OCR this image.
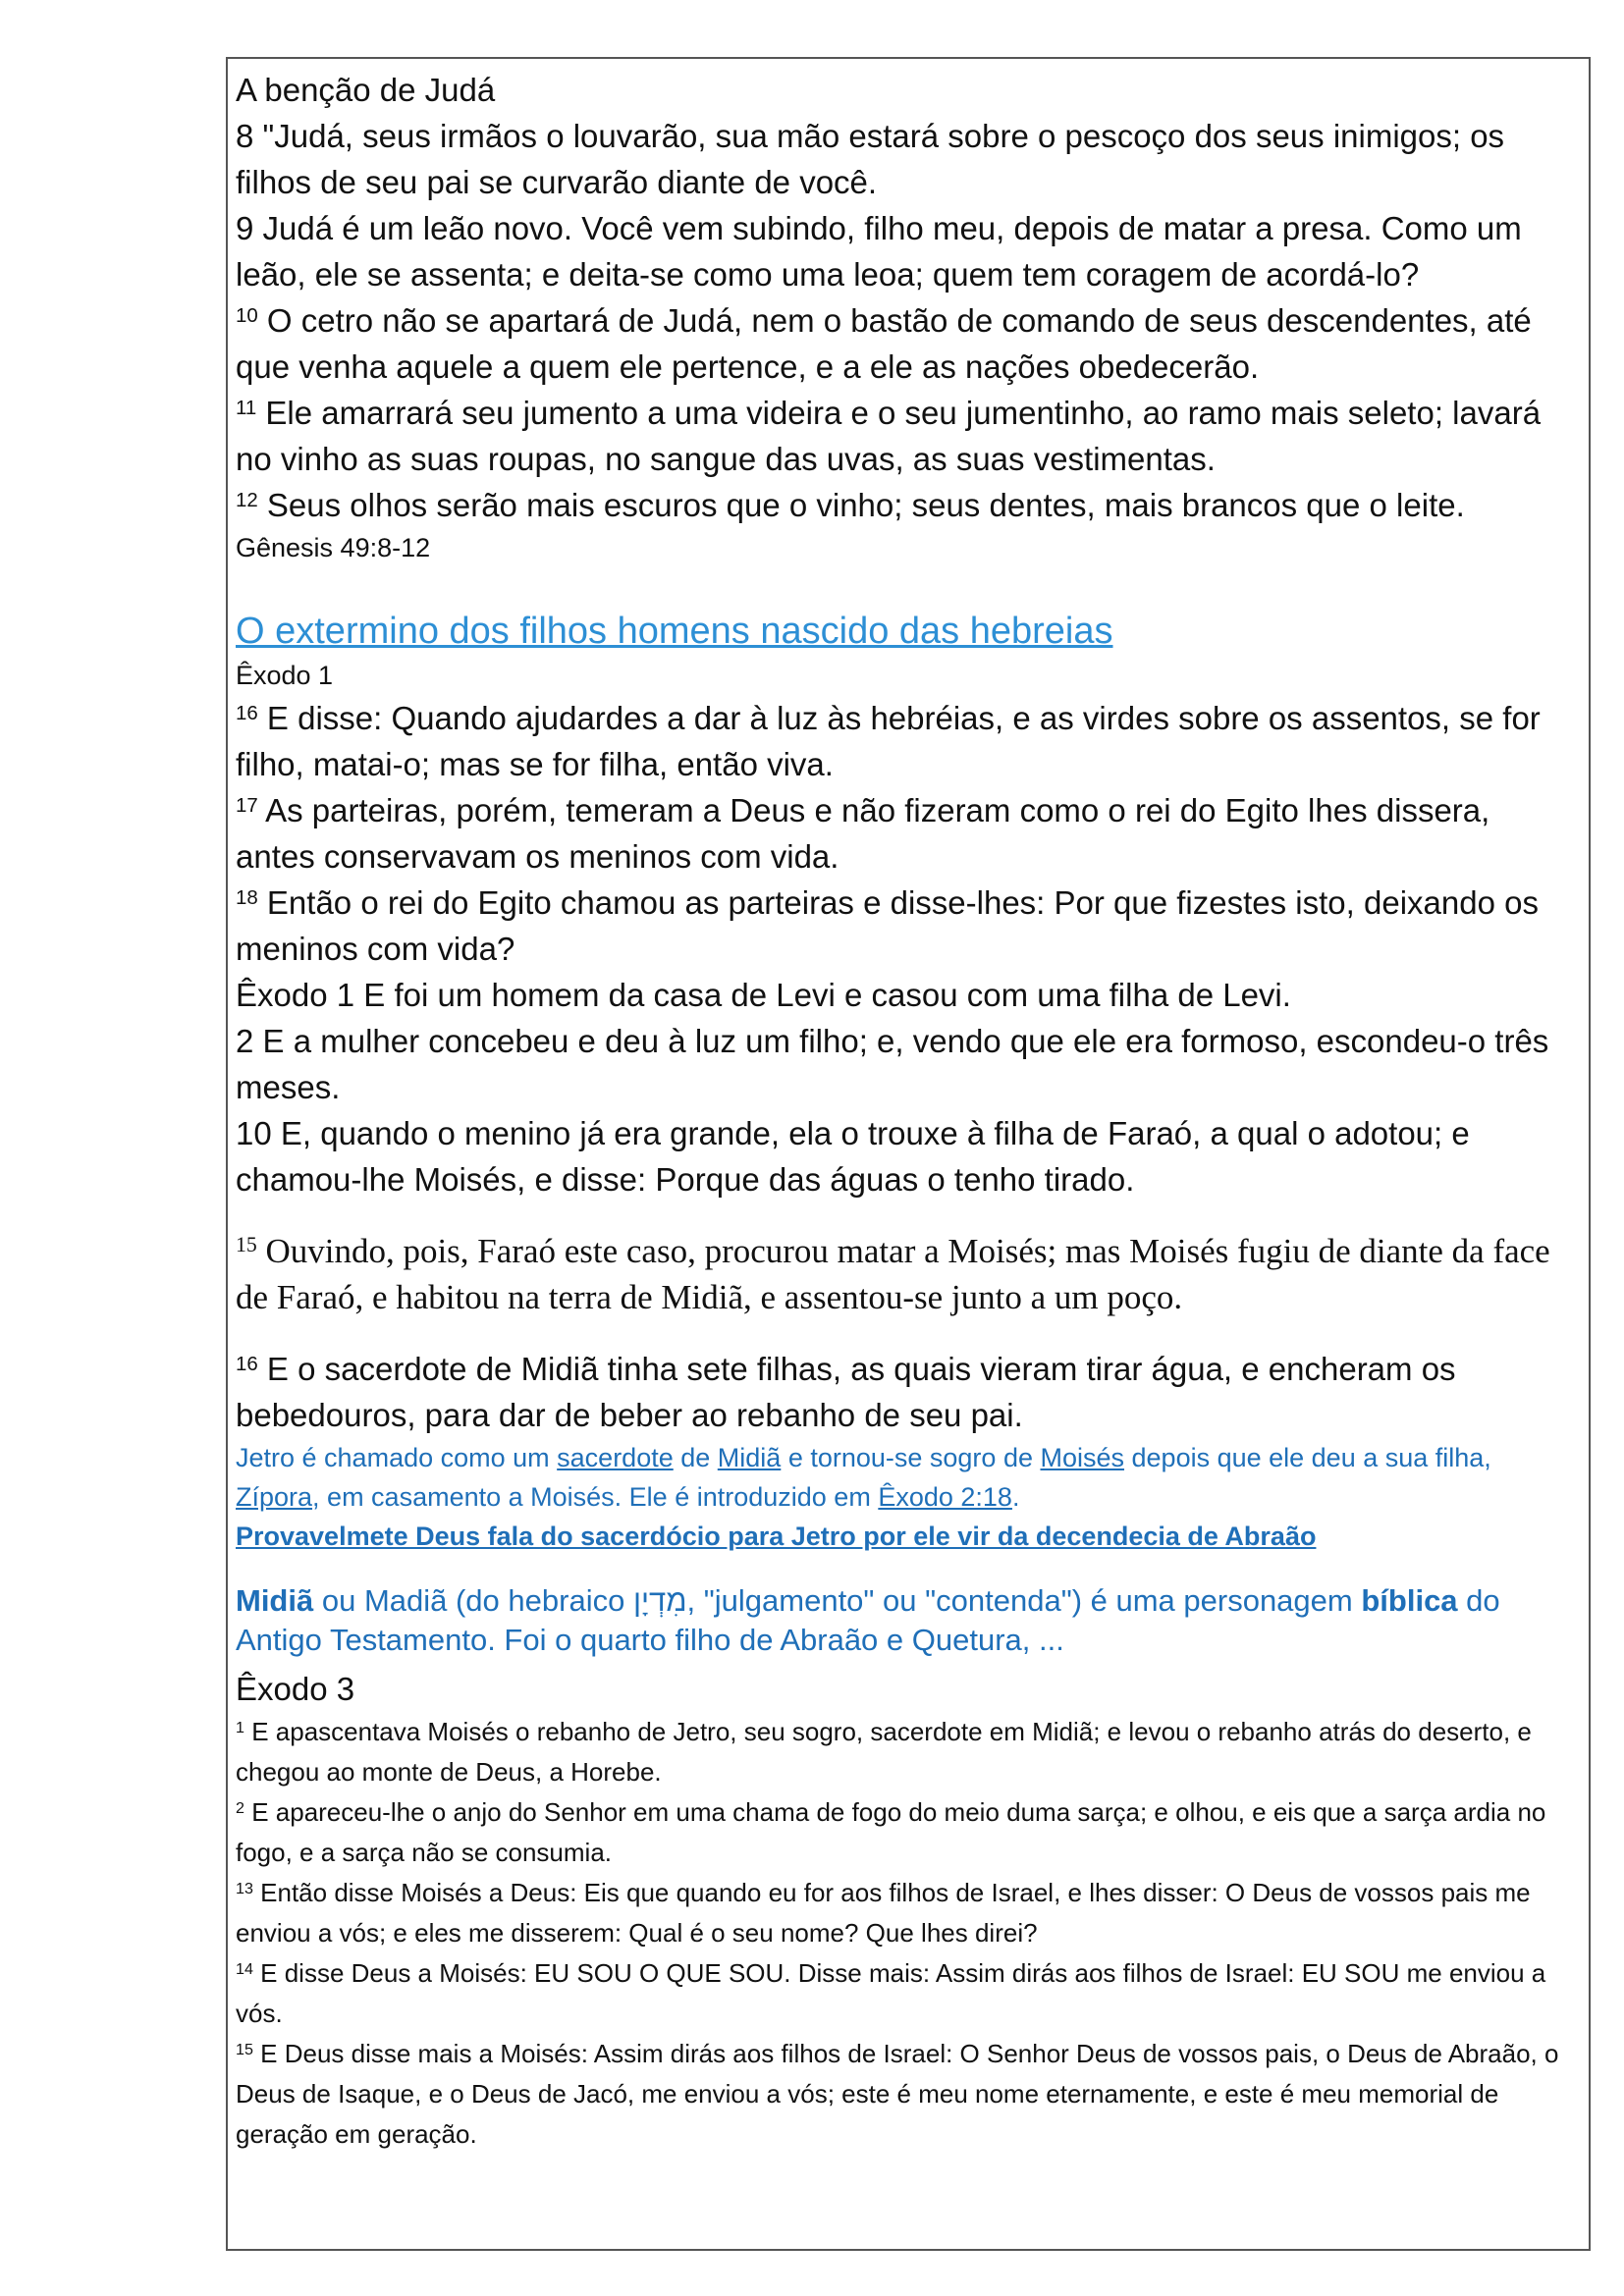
A benção de Judá

8 "Judá, seus irmãos o louvarão, sua mão estará sobre o pescoço dos seus inimigos; os filhos de seu pai se curvarão diante de você.

9 Judá é um leão novo. Você vem subindo, filho meu, depois de matar a presa. Como um leão, ele se assenta; e deita-se como uma leoa; quem tem coragem de acordá-lo?

$^{10}$ O cetro não se apartará de Judá, nem o bastão de comando de seus descendentes, até que venha aquele a quem ele pertence, e a ele as nações obedecerão.

$^{11}$ Ele amarrará seu jumento a uma videira e o seu jumentinho, ao ramo mais seleto; lavará no vinho as suas roupas, no sangue das uvas, as suas vestimentas.

$^{12}$ Seus olhos serão mais escuros que o vinho; seus dentes, mais brancos que o leite.

Gênesis 49:8-12

O extermino dos filhos homens nascido das hebreias

Êxodo 1

$^{16}$ E disse: Quando ajudardes a dar à luz às hebréias, e as virdes sobre os assentos, se for filho, matai-o; mas se for filha, então viva.

$^{17}$ As parteiras, porém, temeram a Deus e não fizeram como o rei do Egito lhes dissera, antes conservavam os meninos com vida.

$^{18}$ Então o rei do Egito chamou as parteiras e disse-lhes: Por que fizestes isto, deixando os meninos com vida?

Êxodo 1 E foi um homem da casa de Levi e casou com uma filha de Levi.

2 E a mulher concebeu e deu à luz um filho; e, vendo que ele era formoso, escondeu-o três meses.

10 E, quando o menino já era grande, ela o trouxe à filha de Faraó, a qual o adotou; e chamou-lhe Moisés, e disse: Porque das águas o tenho tirado.

$^{15}$ Ouvindo, pois, Faraó este caso, procurou matar a Moisés; mas Moisés fugiu de diante da face de Faraó, e habitou na terra de Midiã, e assentou-se junto a um poço.

$^{16}$ E o sacerdote de Midiã tinha sete filhas, as quais vieram tirar água, e encheram os bebedouros, para dar de beber ao rebanho de seu pai.

Jetro é chamado como um sacerdote de Midiã e tornou-se sogro de Moisés depois que ele deu a sua filha, Zípora, em casamento a Moisés. Ele é introduzido em Êxodo 2:18.

Provavelmete Deus fala do sacerdócio para Jetro por ele vir da decendecia de Abraão

Midiã ou Madiã (do hebraico מִדְיָן, "julgamento" ou "contenda") é uma personagem bíblica do Antigo Testamento. Foi o quarto filho de Abraão e Quetura, ...

Êxodo 3

$^1$ E apascentava Moisés o rebanho de Jetro, seu sogro, sacerdote em Midiã; e levou o rebanho atrás do deserto, e chegou ao monte de Deus, a Horebe.

$^2$ E apareceu-lhe o anjo do Senhor em uma chama de fogo do meio duma sarça; e olhou, e eis que a sarça ardia no fogo, e a sarça não se consumia.

$^{13}$ Então disse Moisés a Deus: Eis que quando eu for aos filhos de Israel, e lhes disser: O Deus de vossos pais me enviou a vós; e eles me disserem: Qual é o seu nome? Que lhes direi?

$^{14}$ E disse Deus a Moisés: EU SOU O QUE SOU. Disse mais: Assim dirás aos filhos de Israel: EU SOU me enviou a vós.

$^{15}$ E Deus disse mais a Moisés: Assim dirás aos filhos de Israel: O Senhor Deus de vossos pais, o Deus de Abraão, o Deus de Isaque, e o Deus de Jacó, me enviou a vós; este é meu nome eternamente, e este é meu memorial de geração em geração.
